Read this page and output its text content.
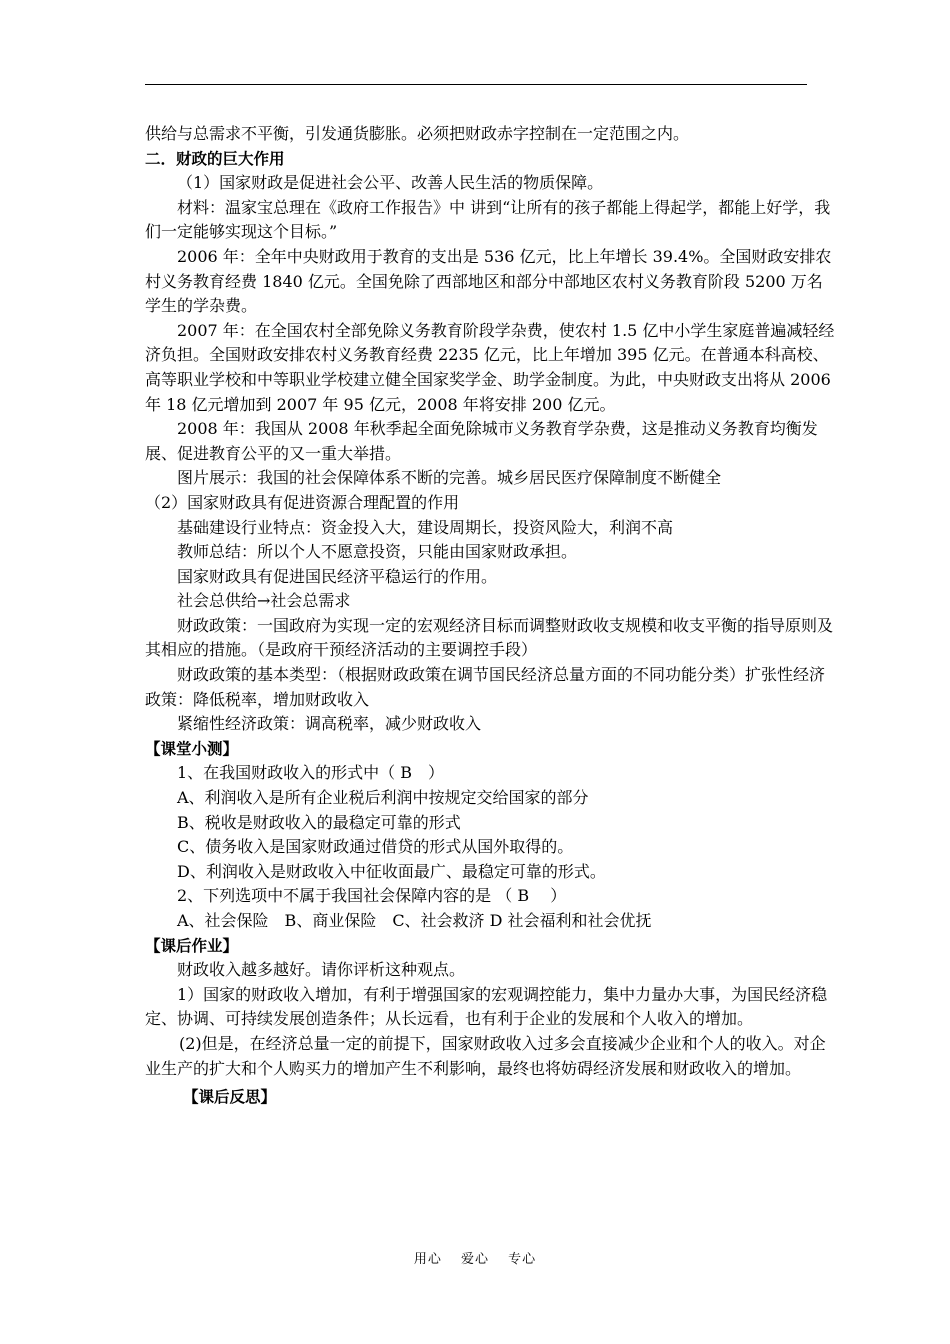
供给与总需求不平衡，引发通货膨胀。必须把财政赤字控制在一定范围之内。

二．财政的巨大作用

（1）国家财政是促进社会公平、改善人民生活的物质保障。

材料：温家宝总理在《政府工作报告》中 讲到“让所有的孩子都能上得起学，都能上好学，我们一定能够实现这个目标。”

2006 年：全年中央财政用于教育的支出是 536 亿元，比上年增长 39.4%。全国财政安排农村义务教育经费 1840 亿元。全国免除了西部地区和部分中部地区农村义务教育阶段 5200 万名学生的学杂费。

2007 年：在全国农村全部免除义务教育阶段学杂费，使农村 1.5 亿中小学生家庭普遍减轻经济负担。全国财政安排农村义务教育经费 2235 亿元，比上年增加 395 亿元。在普通本科高校、高等职业学校和中等职业学校建立健全国家奖学金、助学金制度。为此，中央财政支出将从 2006 年 18 亿元增加到 2007 年 95 亿元，2008 年将安排 200 亿元。

2008 年：我国从 2008 年秋季起全面免除城市义务教育学杂费，这是推动义务教育均衡发展、促进教育公平的又一重大举措。

图片展示：我国的社会保障体系不断的完善。城乡居民医疗保障制度不断健全

（2）国家财政具有促进资源合理配置的作用

基础建设行业特点：资金投入大，建设周期长，投资风险大，利润不高

教师总结：所以个人不愿意投资，只能由国家财政承担。

国家财政具有促进国民经济平稳运行的作用。

社会总供给→社会总需求

财政政策：一国政府为实现一定的宏观经济目标而调整财政收支规模和收支平衡的指导原则及其相应的措施。（是政府干预经济活动的主要调控手段）

财政政策的基本类型：（根据财政政策在调节国民经济总量方面的不同功能分类）扩张性经济政策：降低税率，增加财政收入

紧缩性经济政策：调高税率，减少财政收入

【课堂小测】

1、在我国财政收入的形式中（ B　）

A、利润收入是所有企业税后利润中按规定交给国家的部分

B、税收是财政收入的最稳定可靠的形式

C、债务收入是国家财政通过借贷的形式从国外取得的。

D、利润收入是财政收入中征收面最广、最稳定可靠的形式。

2、下列选项中不属于我国社会保障内容的是 （ B　 ）

A、社会保险　B、商业保险　C、社会救济 D 社会福利和社会优抚

【课后作业】

财政收入越多越好。请你评析这种观点。

1）国家的财政收入增加，有利于增强国家的宏观调控能力，集中力量办大事，为国民经济稳定、协调、可持续发展创造条件；从长远看，也有利于企业的发展和个人收入的增加。

(2)但是，在经济总量一定的前提下，国家财政收入过多会直接减少企业和个人的收入。对企业生产的扩大和个人购买力的增加产生不利影响，最终也将妨碍经济发展和财政收入的增加。

【课后反思】

用心 爱心 专心
